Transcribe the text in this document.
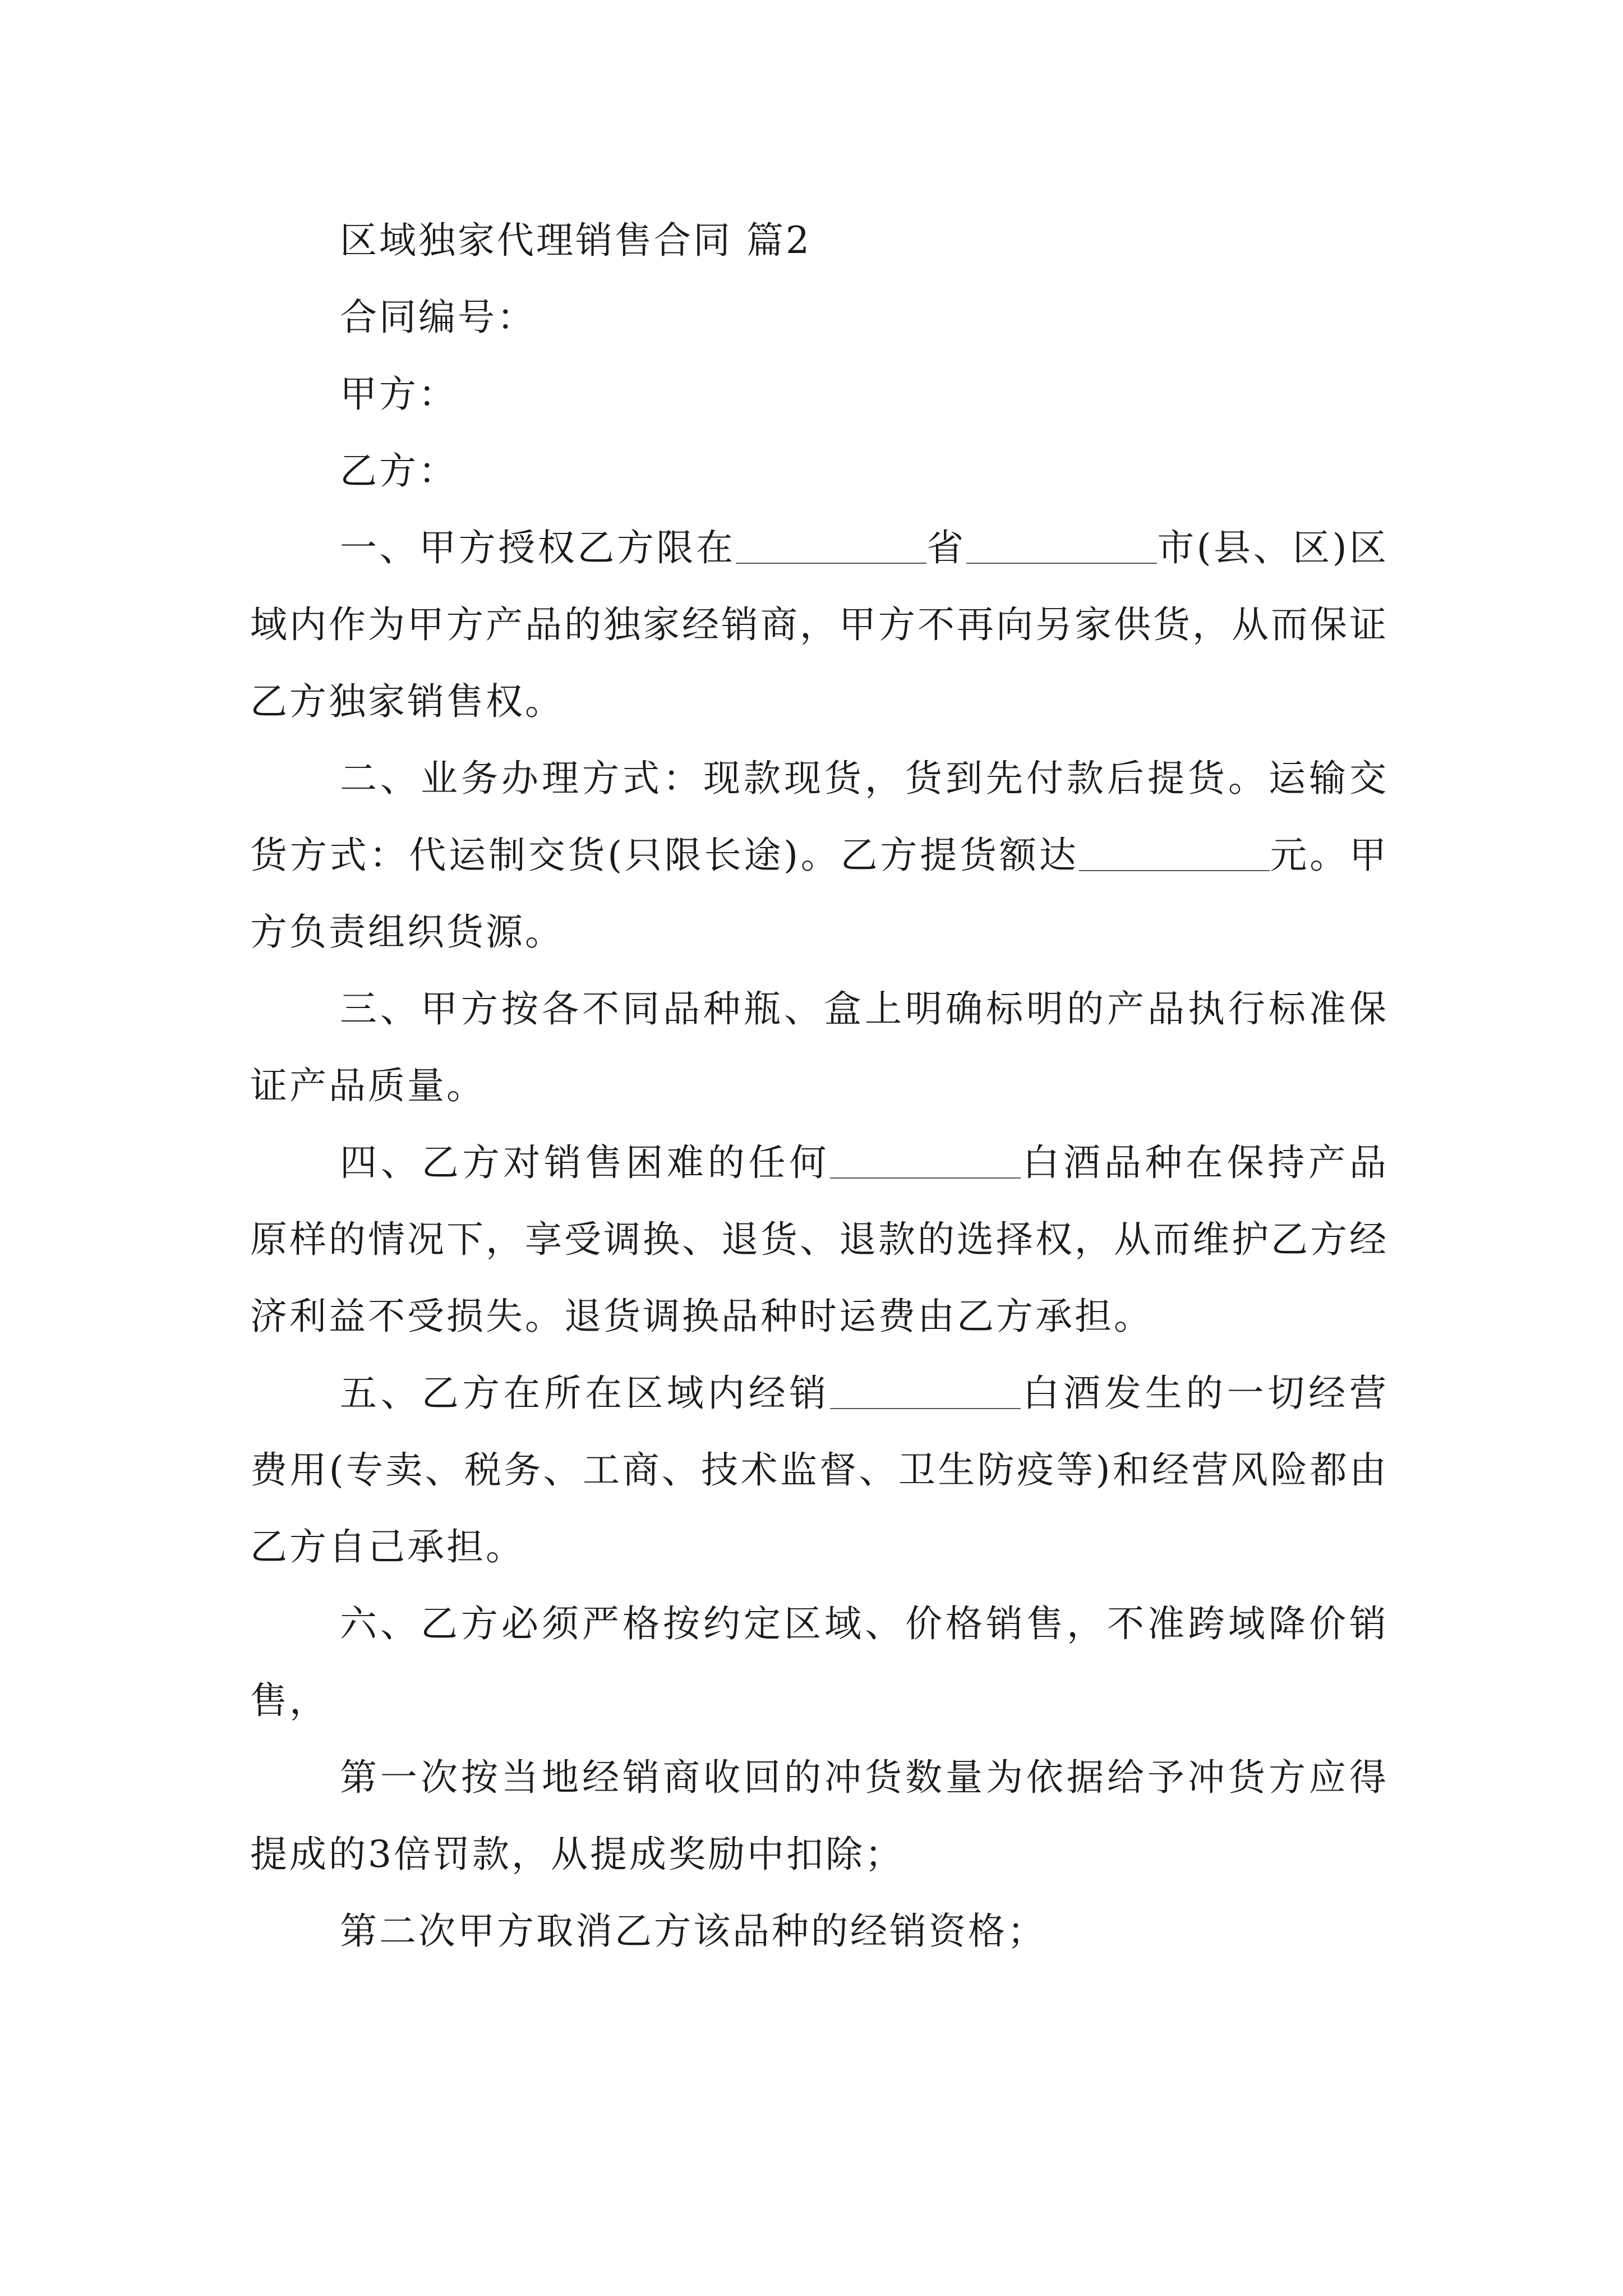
区域独家代理销售合同 篇2

合同编号：

甲方：

乙方：

一、甲方授权乙方限在	省	市(县、区)区域内作为甲方产品的独家经销商，甲方不再向另家供货，从而保证乙方独家销售权。

二、业务办理方式：现款现货，货到先付款后提货。运输交货方式：代运制交货(只限长途)。乙方提货额达	元。甲方负责组织货源。

三、甲方按各不同品种瓶、盒上明确标明的产品执行标准保证产品质量。

四、乙方对销售困难的任何	白酒品种在保持产品原样的情况下，享受调换、退货、退款的选择权，从而维护乙方经济利益不受损失。退货调换品种时运费由乙方承担。

五、乙方在所在区域内经销	白酒发生的一切经营费用(专卖、税务、工商、技术监督、卫生防疫等)和经营风险都由乙方自己承担。

六、乙方必须严格按约定区域、价格销售，不准跨域降价销售，

第一次按当地经销商收回的冲货数量为依据给予冲货方应得提成的3倍罚款，从提成奖励中扣除；

第二次甲方取消乙方该品种的经销资格；
